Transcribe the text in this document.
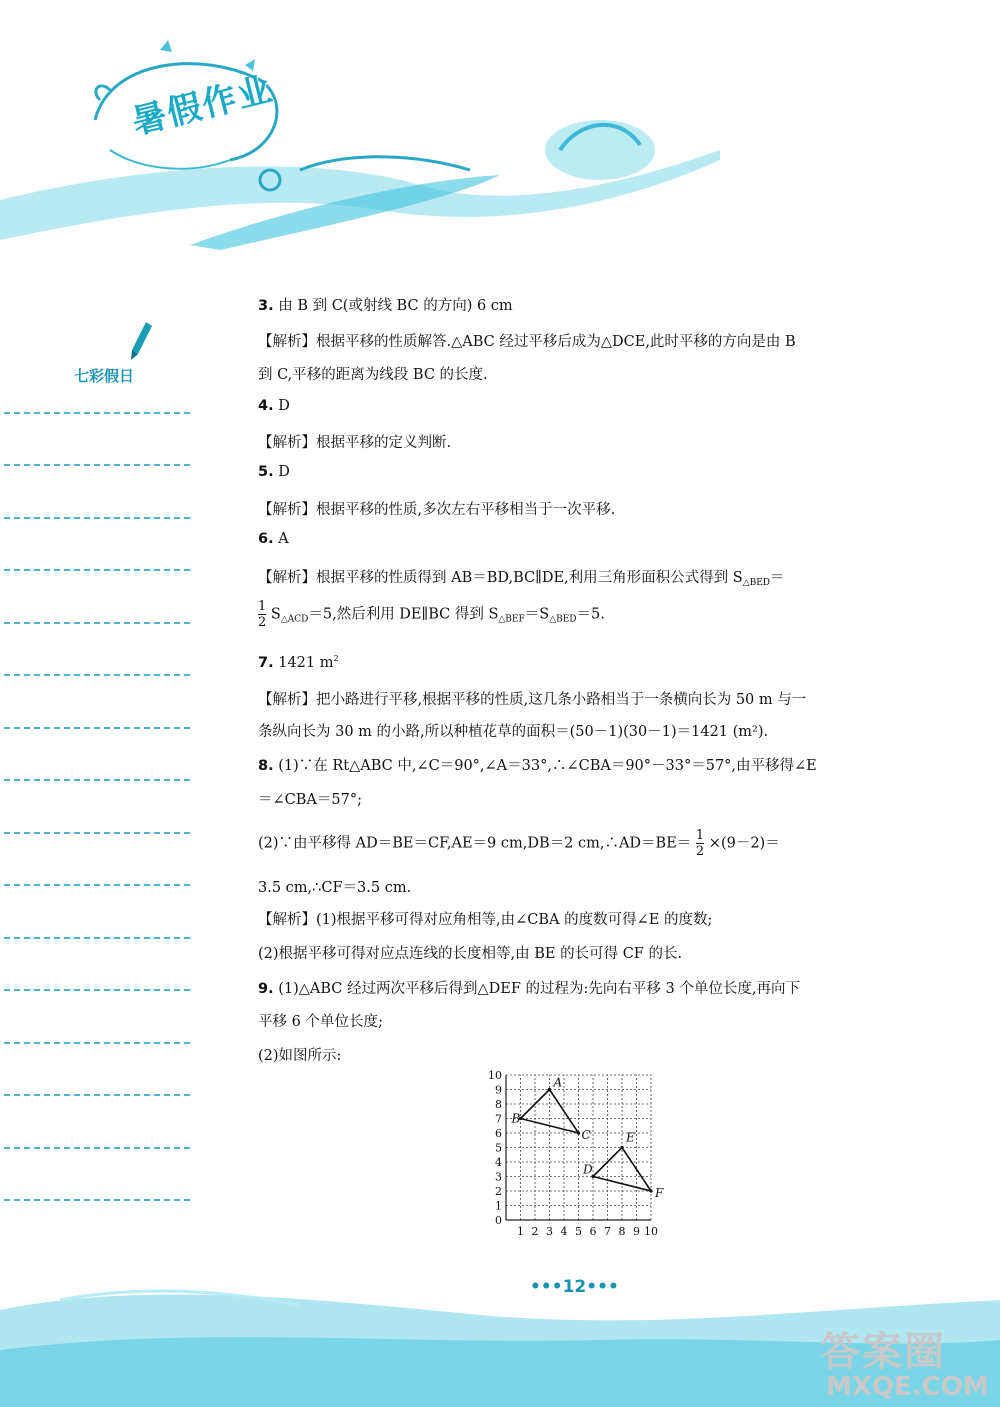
暑假作业
七彩假日
3. 由 B 到 C(或射线 BC 的方向) 6 cm
【解析】根据平移的性质解答.△ABC 经过平移后成为△DCE,此时平移的方向是由 B
到 C,平移的距离为线段 BC 的长度.
4. D
【解析】根据平移的定义判断.
5. D
【解析】根据平移的性质,多次左右平移相当于一次平移.
6. A
【解析】根据平移的性质得到 AB＝BD,BC∥DE,利用三角形面积公式得到 $S_{\triangle BED}=$
$\frac{1}{2} S_{\triangle ACD}=5$,然后利用 DE∥BC 得到 $S_{\triangle BEF}=S_{\triangle BED}=5$.
7. 1421 $m^2$
【解析】把小路进行平移,根据平移的性质,这几条小路相当于一条横向长为 50 m 与一
条纵向长为 30 m 的小路,所以种植花草的面积＝(50－1)(30－1)＝1421 (m²).
8. (1)∵在 Rt△ABC 中,∠C＝90°,∠A＝33°,∴∠CBA＝90°－33°＝57°,由平移得∠E
＝∠CBA＝57°;
(2)∵由平移得 AD＝BE＝CF,AE＝9 cm,DB＝2 cm,∴AD＝BE＝ $\frac{1}{2} \times(9-2)=$
3.5 cm,∴CF＝3.5 cm.
【解析】(1)根据平移可得对应角相等,由∠CBA 的度数可得∠E 的度数;
(2)根据平移可得对应点连线的长度相等,由 BE 的长可得 CF 的长.
9. (1)△ABC 经过两次平移后得到△DEF 的过程为:先向右平移 3 个单位长度,再向下
平移 6 个单位长度;
(2)如图所示:
1 2 3 4 5 6 7 8 9 10
10
9
8
7
6
5
4
3
2
1
0
A
B
C
D
E
F
•••12•••
答案圈
MXQE.COM
